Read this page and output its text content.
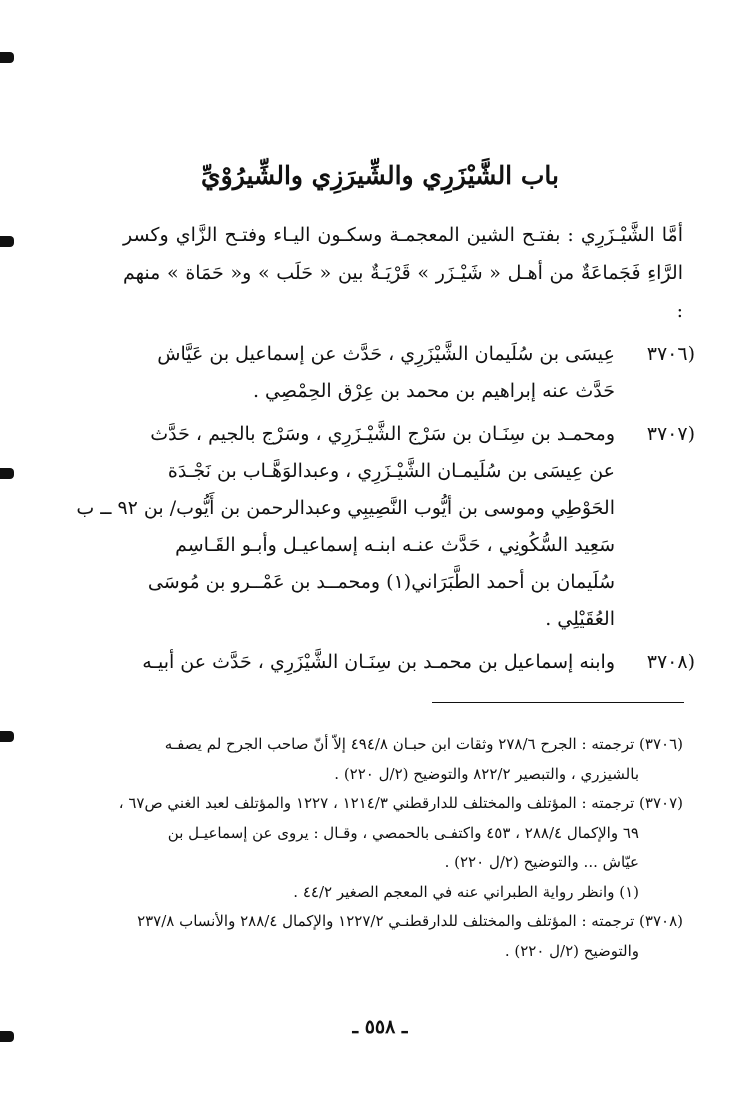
باب الشَّيْزَرِي والشِّيرَزِي والشِّيرُوْيِّ
أمَّا الشَّيْـزَرِي : بفتـح الشين المعجمـة وسكـون اليـاء وفتـح الزَّاي وكسر الرَّاءِ فَجَماعَةٌ من أهـل « شَيْـزَر » قَرْيَـةٌ بين « حَلَب » و« حَمَاة » منهم :
(٣٧٠٦
عِيسَى بن سُلَيمان الشَّيْزَرِي ، حَدَّث عن إسماعيل بن عَيَّاش
حَدَّث عنه إبراهيم بن محمد بن عِرْق الحِمْصِي .
(٣٧٠٧
ومحمـد بن سِنَـان بن سَرْج الشَّيْـزَرِي ، وسَرْج بالجيم ، حَدَّث
عن عِيسَى بن سُلَيمـان الشَّيْـزَرِي ، وعبدالوَهَّـاب بن نَجْـدَة
الحَوْطِي وموسى بن أيُّوب النَّصِيبِي وعبدالرحمن بن أَيُّوب/ بن ٩٢ ــ ب
سَعِيد السُّكُونِي ، حَدَّث عنـه ابنـه إسماعيـل وأبـو القَـاسِم
سُلَيمان بن أحمد الطَّبَرَاني(١) ومحمــد بن عَمْــرو بن مُوسَى
العُقَيْلِي .
(٣٧٠٨
وابنه إسماعيل بن محمـد بن سِنَـان الشَّيْزَرِي ، حَدَّث عن أبيـه
(٣٧٠٦) ترجمته : الجرح ٢٧٨/٦ وثقات ابن حبـان ٤٩٤/٨ إلاّ أنّ صاحب الجرح لم يصفـه
بالشيزري ، والتبصير ٨٢٢/٢ والتوضيح (٢/ل ٢٢٠) .
(٣٧٠٧) ترجمته : المؤتلف والمختلف للدارقطني ١٢١٤/٣ ، ١٢٢٧ والمؤتلف لعبد الغني ص٦٧ ،
٦٩ والإكمال ٢٨٨/٤ ، ٤٥٣ واكتفـى بالحمصي ، وقـال : يروى عن إسماعيـل بن
عيّاش ... والتوضيح (٢/ل ٢٢٠) .
(١) وانظر رواية الطبراني عنه في المعجم الصغير ٤٤/٢ .
(٣٧٠٨) ترجمته : المؤتلف والمختلف للدارقطنـي ١٢٢٧/٢ والإكمال ٢٨٨/٤ والأنساب ٢٣٧/٨
والتوضيح (٢/ل ٢٢٠) .
ـ ٥٥٨ ـ
